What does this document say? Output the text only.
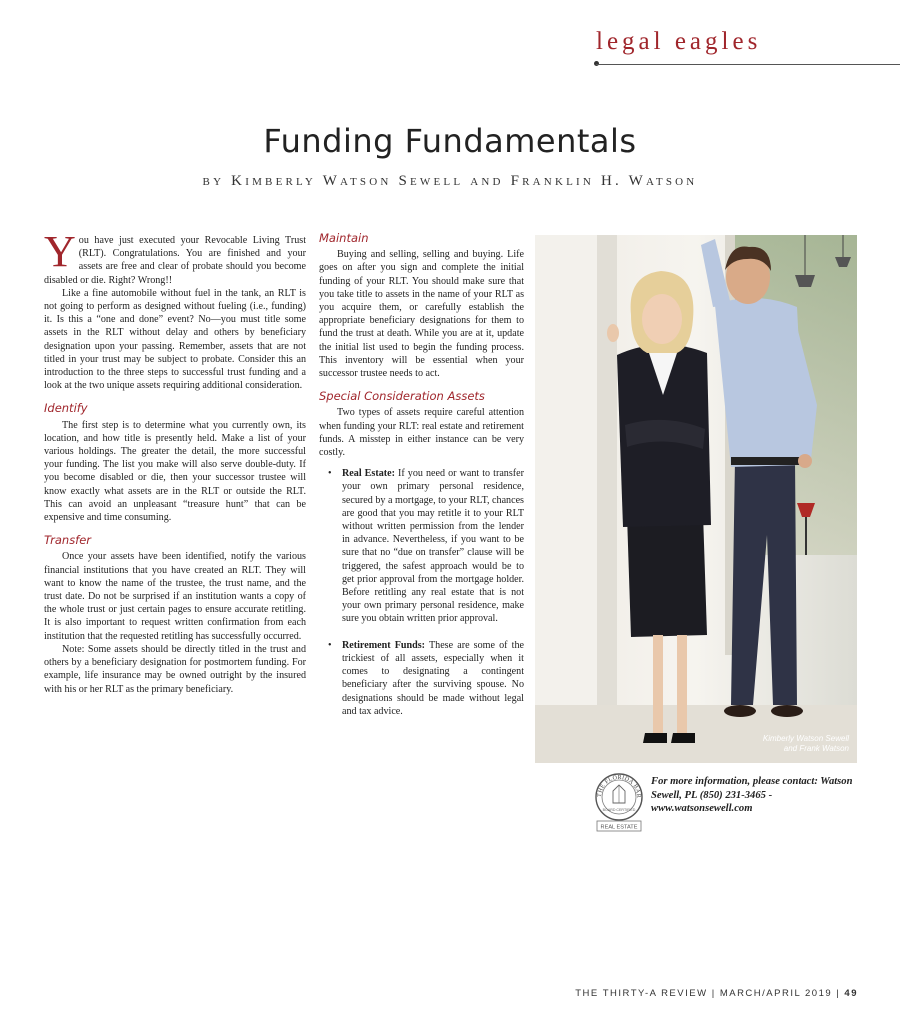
legal eagles
Funding Fundamentals
by Kimberly Watson Sewell and Franklin H. Watson

You have just executed your Revocable Living Trust (RLT). Congratulations. You are finished and your assets are free and clear of probate should you become disabled or die. Right? Wrong!!

Like a fine automobile without fuel in the tank, an RLT is not going to perform as designed without fueling (i.e., funding) it. Is this a “one and done” event? No—you must title some assets in the RLT without delay and others by beneficiary designation upon your passing. Remember, assets that are not titled in your trust may be subject to probate. Consider this an introduction to the three steps to successful trust funding and a look at the two unique assets requiring additional consideration.

Identify

The first step is to determine what you currently own, its location, and how title is presently held. Make a list of your various holdings. The greater the detail, the more successful your funding. The list you make will also serve double-duty. If you become disabled or die, then your successor trustee will know exactly what assets are in the RLT or outside the RLT. This can avoid an unpleasant “treasure hunt” that can be expensive and time consuming.

Transfer

Once your assets have been identified, notify the various financial institutions that you have created an RLT. They will want to know the name of the trustee, the trust name, and the trust date. Do not be surprised if an institution wants a copy of the whole trust or just certain pages to ensure accurate retitling. It is also important to request written confirmation from each institution that the requested retitling has successfully occurred.

Note: Some assets should be directly titled in the trust and others by a beneficiary designation for postmortem funding. For example, life insurance may be owned outright by the insured with his or her RLT as the primary beneficiary.

Maintain

Buying and selling, selling and buying. Life goes on after you sign and complete the initial funding of your RLT. You should make sure that you take title to assets in the name of your RLT as you acquire them, or carefully establish the appropriate beneficiary designations for them to fund the trust at death. While you are at it, update the initial list used to begin the funding process. This inventory will be essential when your successor trustee needs to act.

Special Consideration Assets

Two types of assets require careful attention when funding your RLT: real estate and retirement funds. A misstep in either instance can be very costly.

• Real Estate: If you need or want to transfer your own primary personal residence, secured by a mortgage, to your RLT, chances are good that you may retitle it to your RLT without written permission from the lender in advance. Nevertheless, if you want to be sure that no “due on transfer” clause will be triggered, the safest approach would be to get prior approval from the mortgage holder. Before retitling any real estate that is not your own primary personal residence, make sure you obtain written prior approval.
• Retirement Funds: These are some of the trickiest of all assets, especially when it comes to designating a contingent beneficiary after the surviving spouse. No designations should be made without legal and tax advice.
Kimberly Watson Sewell
and Frank Watson
THE FLORIDA BAR
BOARD CERTIFIED
REAL ESTATE
For more information, please contact: Watson Sewell, PL (850) 231-3465 - www.watsonsewell.com
THE THIRTY-A REVIEW | MARCH/APRIL 2019 | 49
